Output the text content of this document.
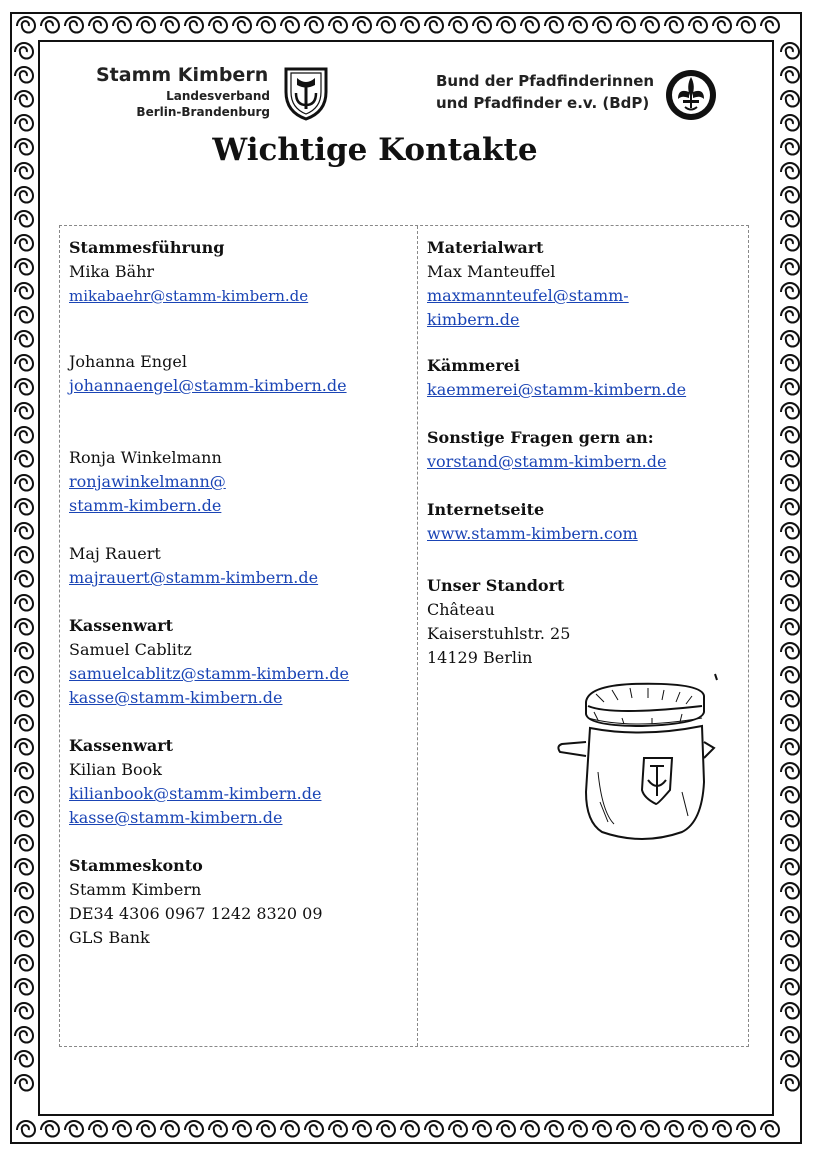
Stamm Kimbern
Landesverband
Berlin-Brandenburg
Bund der Pfadfinderinnen
und Pfadfinder e.v. (BdP)
Wichtige Kontakte
Stammesführung
Mika Bähr
mikabaehr@stamm-kimbern.de
Johanna Engel
johannaengel@stamm-kimbern.de
Ronja Winkelmann
ronjawinkelmann@
stamm-kimbern.de
Maj Rauert
majrauert@stamm-kimbern.de
Kassenwart
Samuel Cablitz
samuelcablitz@stamm-kimbern.de
kasse@stamm-kimbern.de
Kassenwart
Kilian Book
kilianbook@stamm-kimbern.de
kasse@stamm-kimbern.de
Stammeskonto
Stamm Kimbern
DE34 4306 0967 1242 8320 09
GLS Bank
Materialwart
Max Manteuffel
maxmannteufel@stamm-
kimbern.de
Kämmerei
kaemmerei@stamm-kimbern.de
Sonstige Fragen gern an:
vorstand@stamm-kimbern.de
Internetseite
www.stamm-kimbern.com
Unser Standort
Château
Kaiserstuhlstr. 25
14129 Berlin
